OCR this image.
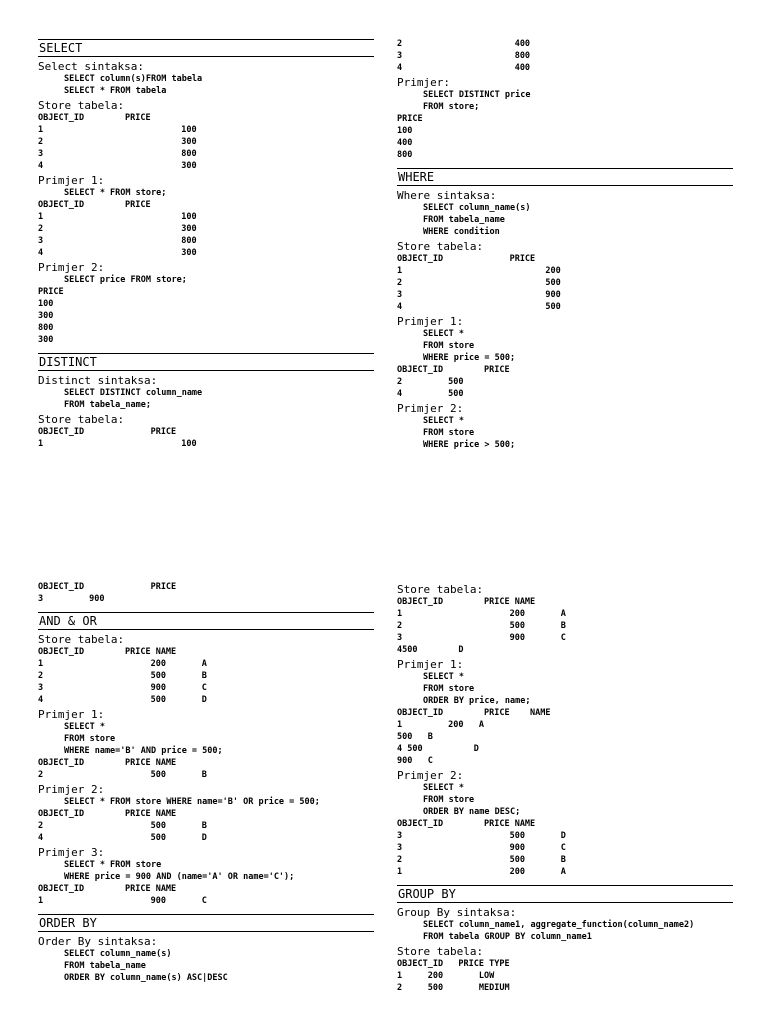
SELECT
Select sintaksa:
SELECT column(s)FROM tabela
SELECT * FROM tabela
Store tabela:
OBJECT_ID        PRICE
1                           100
2                           300
3                           800
4                           300
Primjer 1:
SELECT * FROM store;
OBJECT_ID        PRICE
1                           100
2                           300
3                           800
4                           300
Primjer 2:
SELECT price FROM store;
PRICE
100
300
800
300
DISTINCT
Distinct sintaksa:
SELECT DISTINCT column_name
FROM tabela_name;
Store tabela:
OBJECT_ID             PRICE
1                           100
2                      400
3                      800
4                      400
Primjer:
SELECT DISTINCT price
FROM store;
PRICE
100
400
800
WHERE
Where sintaksa:
SELECT column_name(s)
FROM tabela_name
WHERE condition
Store tabela:
OBJECT_ID             PRICE
1                            200
2                            500
3                            900
4                            500
Primjer 1:
SELECT *
FROM store
WHERE price = 500;
OBJECT_ID        PRICE
2         500
4         500
Primjer 2:
SELECT *
FROM store
WHERE price > 500;
OBJECT_ID             PRICE
3         900
AND & OR
Store tabela:
OBJECT_ID        PRICE NAME
1                     200       A
2                     500       B
3                     900       C
4                     500       D
Primjer 1:
SELECT *
FROM store
WHERE name='B' AND price = 500;
OBJECT_ID        PRICE NAME
2                     500       B
Primjer 2:
SELECT * FROM store WHERE name='B' OR price = 500;
OBJECT_ID        PRICE NAME
2                     500       B
4                     500       D
Primjer 3:
SELECT * FROM store
WHERE price = 900 AND (name='A' OR name='C');
OBJECT_ID        PRICE NAME
1                     900       C
ORDER BY
Order By sintaksa:
SELECT column_name(s)
FROM tabela_name
ORDER BY column_name(s) ASC|DESC
Store tabela:
OBJECT_ID        PRICE NAME
1                     200       A
2                     500       B
3                     900       C
4500        D
Primjer 1:
SELECT *
FROM store
ORDER BY price, name;
OBJECT_ID        PRICE    NAME
1         200   A
500   B
4 500          D
900   C
Primjer 2:
SELECT *
FROM store
ORDER BY name DESC;
OBJECT_ID        PRICE NAME
3                     500       D
3                     900       C
2                     500       B
1                     200       A
GROUP BY
Group By sintaksa:
SELECT column_name1, aggregate_function(column_name2)
FROM tabela GROUP BY column_name1
Store tabela:
OBJECT_ID   PRICE TYPE
1     200       LOW
2     500       MEDIUM
